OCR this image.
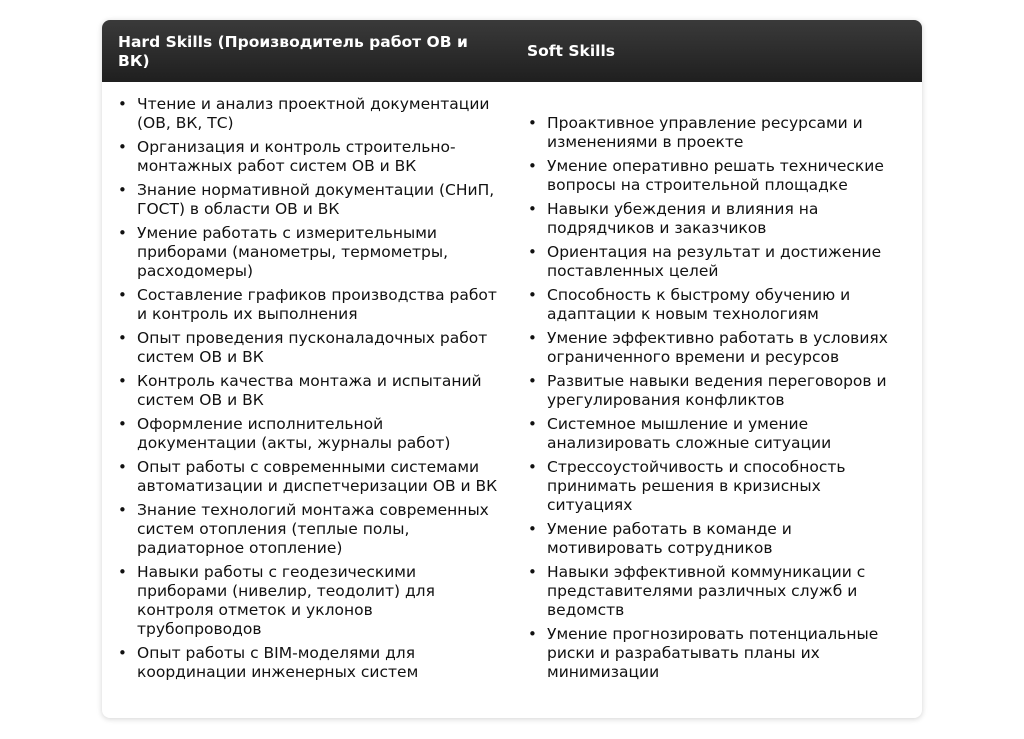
Hard Skills (Производитель работ ОВ и ВК)
Soft Skills
• Чтение и анализ проектной документации (ОВ, ВК, ТС)
• Организация и контроль строительно-монтажных работ систем ОВ и ВК
• Знание нормативной документации (СНиП, ГОСТ) в области ОВ и ВК
• Умение работать с измерительными приборами (манометры, термометры, расходомеры)
• Составление графиков производства работ и контроль их выполнения
• Опыт проведения пусконаладочных работ систем ОВ и ВК
• Контроль качества монтажа и испытаний систем ОВ и ВК
• Оформление исполнительной документации (акты, журналы работ)
• Опыт работы с современными системами автоматизации и диспетчеризации ОВ и ВК
• Знание технологий монтажа современных систем отопления (теплые полы, радиаторное отопление)
• Навыки работы с геодезическими приборами (нивелир, теодолит) для контроля отметок и уклонов трубопроводов
• Опыт работы с BIM-моделями для координации инженерных систем
• Проактивное управление ресурсами и изменениями в проекте
• Умение оперативно решать технические вопросы на строительной площадке
• Навыки убеждения и влияния на подрядчиков и заказчиков
• Ориентация на результат и достижение поставленных целей
• Способность к быстрому обучению и адаптации к новым технологиям
• Умение эффективно работать в условиях ограниченного времени и ресурсов
• Развитые навыки ведения переговоров и урегулирования конфликтов
• Системное мышление и умение анализировать сложные ситуации
• Стрессоустойчивость и способность принимать решения в кризисных ситуациях
• Умение работать в команде и мотивировать сотрудников
• Навыки эффективной коммуникации с представителями различных служб и ведомств
• Умение прогнозировать потенциальные риски и разрабатывать планы их минимизации
